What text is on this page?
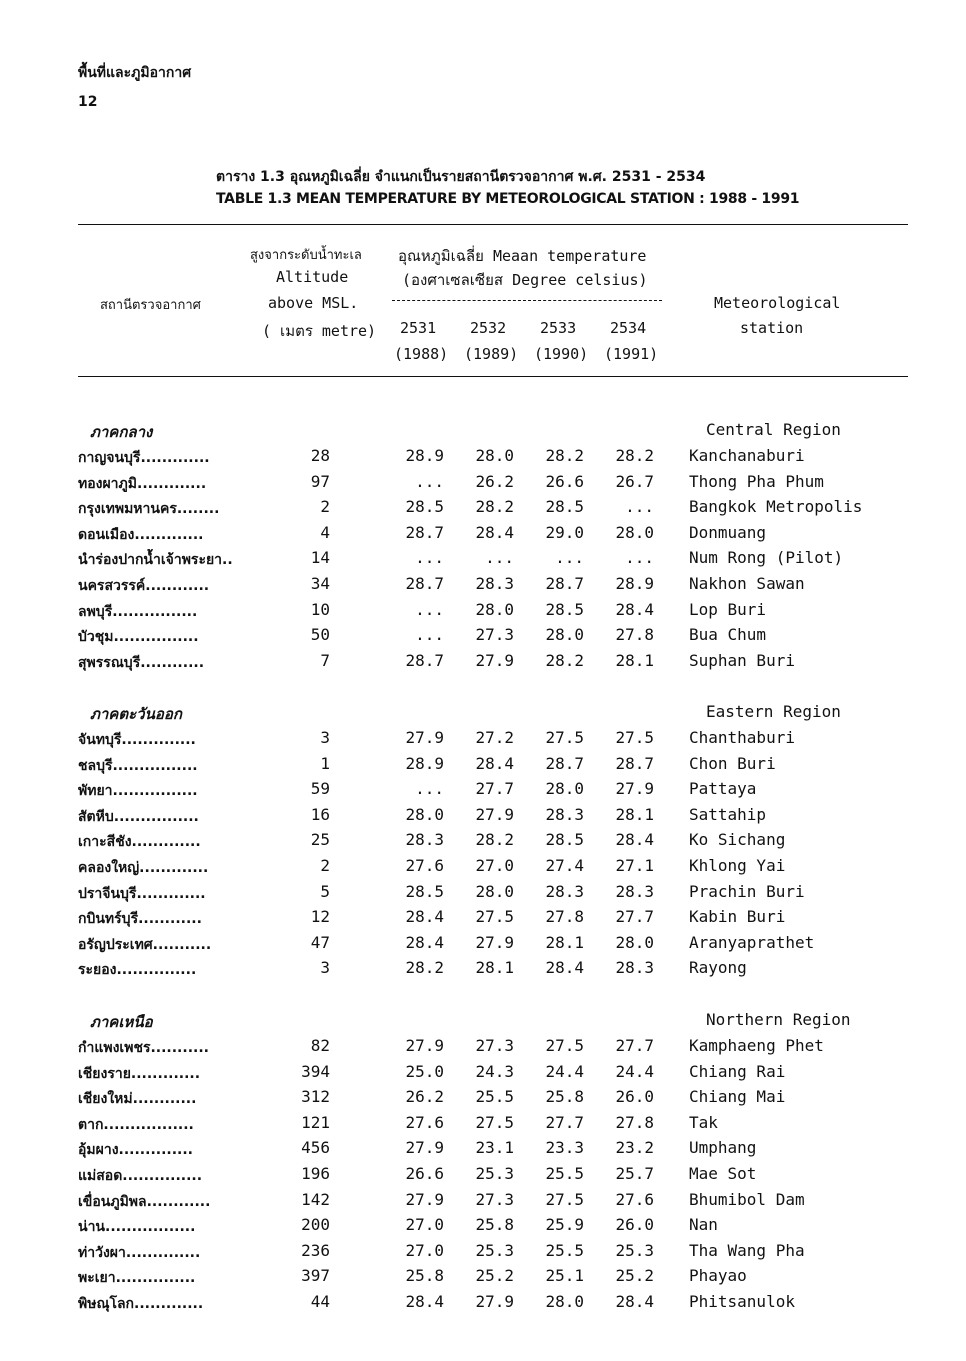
พื้นที่และภูมิอากาศ
12
ตาราง 1.3 อุณหภูมิเฉลี่ย จำแนกเป็นรายสถานีตรวจอากาศ พ.ศ. 2531 - 2534
TABLE 1.3 MEAN TEMPERATURE BY METEOROLOGICAL STATION : 1988 - 1991
สถานีตรวจอากาศ
สูงจากระดับน้ำทะเล
Altitude
above MSL.
( เมตร metre)
อุณหภูมิเฉลี่ย Meaan temperature
(องศาเซลเซียส Degree celsius)
Meteorological
station
2531 2532 2533 2534
(1988) (1989) (1990) (1991)
ภาคกลาง	Central Region
กาญจนบุรี.............	28	28.9	28.0	28.2	28.2 Kanchanaburi
ทองผาภูมิ.............	97	...	26.2	26.6	26.7 Thong Pha Phum
กรุงเทพมหานคร........	2	28.5	28.2	28.5	... Bangkok Metropolis
ดอนเมือง.............	4	28.7	28.4	29.0	28.0 Donmuang
นำร่องปากน้ำเจ้าพระยา..	14	...	...	...	... Num Rong (Pilot)
นครสวรรค์............	34	28.7	28.3	28.7	28.9 Nakhon Sawan
ลพบุรี................	10	...	28.0	28.5	28.4 Lop Buri
บัวชุม................	50	...	27.3	28.0	27.8 Bua Chum
สุพรรณบุรี............	7	28.7	27.9	28.2	28.1 Suphan Buri
ภาคตะวันออก	Eastern Region
จันทบุรี..............	3	27.9	27.2	27.5	27.5 Chanthaburi
ชลบุรี................	1	28.9	28.4	28.7	28.7 Chon Buri
พัทยา................	59	...	27.7	28.0	27.9 Pattaya
สัตหีบ................	16	28.0	27.9	28.3	28.1 Sattahip
เกาะสีชัง.............	25	28.3	28.2	28.5	28.4 Ko Sichang
คลองใหญ่.............	2	27.6	27.0	27.4	27.1 Khlong Yai
ปราจีนบุรี.............	5	28.5	28.0	28.3	28.3 Prachin Buri
กบินทร์บุรี............	12	28.4	27.5	27.8	27.7 Kabin Buri
อรัญประเทศ...........	47	28.4	27.9	28.1	28.0 Aranyaprathet
ระยอง...............	3	28.2	28.1	28.4	28.3 Rayong
ภาคเหนือ	Northern Region
กำแพงเพชร...........	82	27.9	27.3	27.5	27.7 Kamphaeng Phet
เชียงราย.............	394	25.0	24.3	24.4	24.4 Chiang Rai
เชียงใหม่............	312	26.2	25.5	25.8	26.0 Chiang Mai
ตาก.................	121	27.6	27.5	27.7	27.8 Tak
อุ้มผาง..............	456	27.9	23.1	23.3	23.2 Umphang
แม่สอด...............	196	26.6	25.3	25.5	25.7 Mae Sot
เขื่อนภูมิพล............	142	27.9	27.3	27.5	27.6 Bhumibol Dam
น่าน.................	200	27.0	25.8	25.9	26.0 Nan
ท่าวังผา..............	236	27.0	25.3	25.5	25.3 Tha Wang Pha
พะเยา...............	397	25.8	25.2	25.1	25.2 Phayao
พิษณุโลก.............	44	28.4	27.9	28.0	28.4 Phitsanulok
